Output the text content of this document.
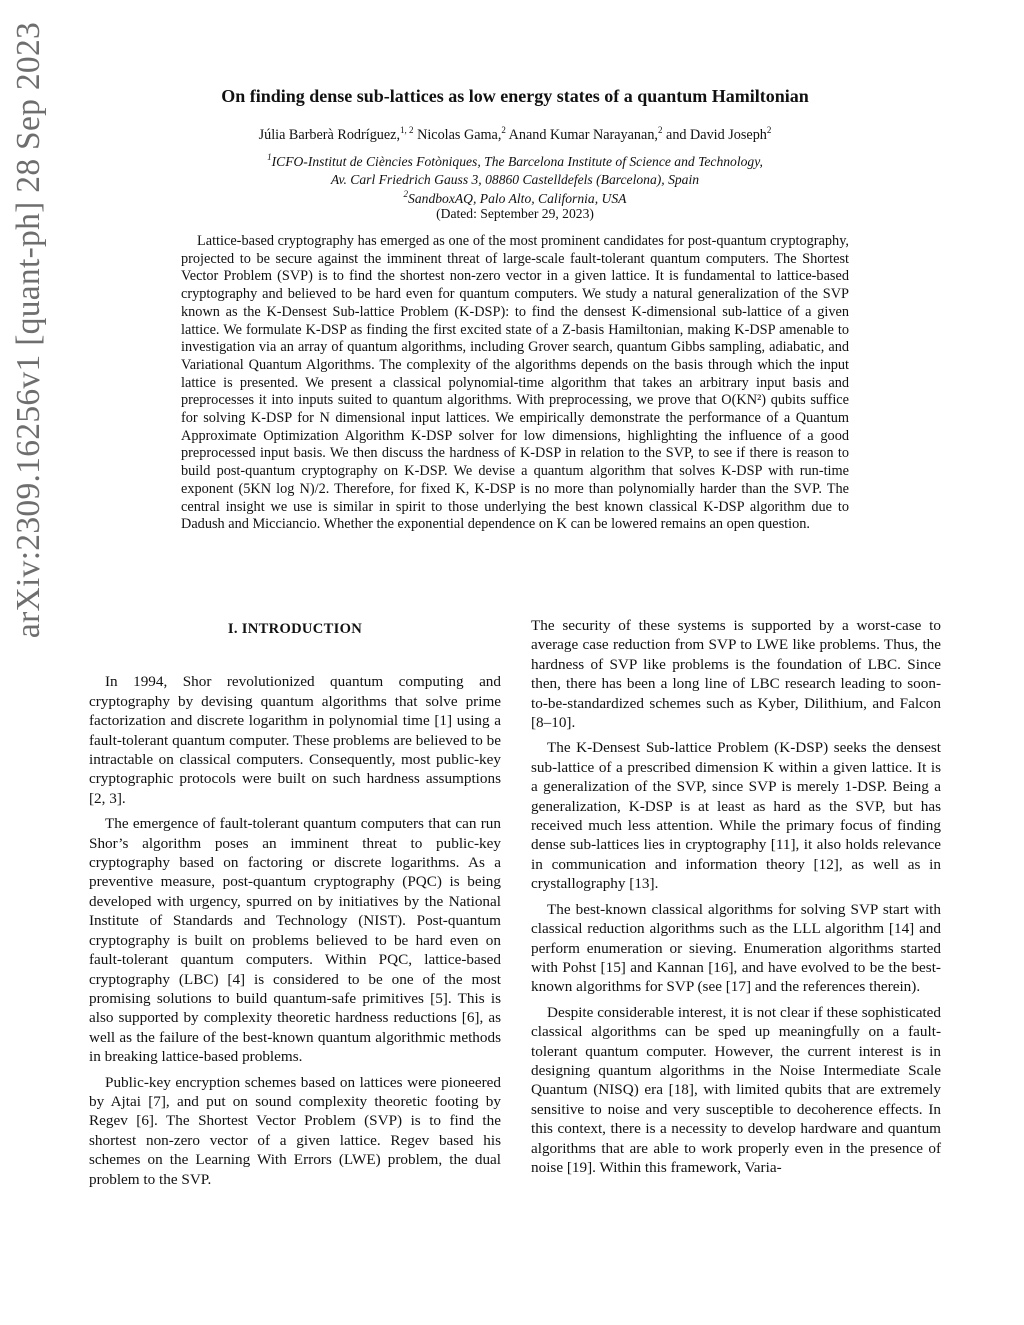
arXiv:2309.16256v1 [quant-ph] 28 Sep 2023	On finding dense sub-lattices as low energy states of a quantum Hamiltonian
Júlia Barberà Rodríguez,$^{1, 2}$ Nicolas Gama,$^2$ Anand Kumar Narayanan,$^2$ and David Joseph$^2$
$^1$ICFO-Institut de Ciències Fotòniques, The Barcelona Institute of Science and Technology,
Av. Carl Friedrich Gauss 3, 08860 Castelldefels (Barcelona), Spain
$^2$SandboxAQ, Palo Alto, California, USA
(Dated: September 29, 2023)

Lattice-based cryptography has emerged as one of the most prominent candidates for post-quantum cryptography, projected to be secure against the imminent threat of large-scale fault-tolerant quantum computers. The Shortest Vector Problem (SVP) is to find the shortest non-zero vector in a given lattice. It is fundamental to lattice-based cryptography and believed to be hard even for quantum computers. We study a natural generalization of the SVP known as the K-Densest Sub-lattice Problem (K-DSP): to find the densest K-dimensional sub-lattice of a given lattice. We formulate K-DSP as finding the first excited state of a Z-basis Hamiltonian, making K-DSP amenable to investigation via an array of quantum algorithms, including Grover search, quantum Gibbs sampling, adiabatic, and Variational Quantum Algorithms. The complexity of the algorithms depends on the basis through which the input lattice is presented. We present a classical polynomial-time algorithm that takes an arbitrary input basis and preprocesses it into inputs suited to quantum algorithms. With preprocessing, we prove that O(KN²) qubits suffice for solving K-DSP for N dimensional input lattices. We empirically demonstrate the performance of a Quantum Approximate Optimization Algorithm K-DSP solver for low dimensions, highlighting the influence of a good preprocessed input basis. We then discuss the hardness of K-DSP in relation to the SVP, to see if there is reason to build post-quantum cryptography on K-DSP. We devise a quantum algorithm that solves K-DSP with run-time exponent (5KN log N)/2. Therefore, for fixed K, K-DSP is no more than polynomially harder than the SVP. The central insight we use is similar in spirit to those underlying the best known classical K-DSP algorithm due to Dadush and Micciancio. Whether the exponential dependence on K can be lowered remains an open question.

I. INTRODUCTION

In 1994, Shor revolutionized quantum computing and cryptography by devising quantum algorithms that solve prime factorization and discrete logarithm in polynomial time [1] using a fault-tolerant quantum computer. These problems are believed to be intractable on classical computers. Consequently, most public-key cryptographic protocols were built on such hardness assumptions [2, 3].

The emergence of fault-tolerant quantum computers that can run Shor’s algorithm poses an imminent threat to public-key cryptography based on factoring or discrete logarithms. As a preventive measure, post-quantum cryptography (PQC) is being developed with urgency, spurred on by initiatives by the National Institute of Standards and Technology (NIST). Post-quantum cryptography is built on problems believed to be hard even on fault-tolerant quantum computers. Within PQC, lattice-based cryptography (LBC) [4] is considered to be one of the most promising solutions to build quantum-safe primitives [5]. This is also supported by complexity theoretic hardness reductions [6], as well as the failure of the best-known quantum algorithmic methods in breaking lattice-based problems.

Public-key encryption schemes based on lattices were pioneered by Ajtai [7], and put on sound complexity theoretic footing by Regev [6]. The Shortest Vector Problem (SVP) is to find the shortest non-zero vector of a given lattice. Regev based his schemes on the Learning With Errors (LWE) problem, the dual problem to the SVP.

The security of these systems is supported by a worst-case to average case reduction from SVP to LWE like problems. Thus, the hardness of SVP like problems is the foundation of LBC. Since then, there has been a long line of LBC research leading to soon-to-be-standardized schemes such as Kyber, Dilithium, and Falcon [8–10].

The K-Densest Sub-lattice Problem (K-DSP) seeks the densest sub-lattice of a prescribed dimension K within a given lattice. It is a generalization of the SVP, since SVP is merely 1-DSP. Being a generalization, K-DSP is at least as hard as the SVP, but has received much less attention. While the primary focus of finding dense sub-lattices lies in cryptography [11], it also holds relevance in communication and information theory [12], as well as in crystallography [13].

The best-known classical algorithms for solving SVP start with classical reduction algorithms such as the LLL algorithm [14] and perform enumeration or sieving. Enumeration algorithms started with Pohst [15] and Kannan [16], and have evolved to be the best-known algorithms for SVP (see [17] and the references therein).

Despite considerable interest, it is not clear if these sophisticated classical algorithms can be sped up meaningfully on a fault-tolerant quantum computer. However, the current interest is in designing quantum algorithms in the Noise Intermediate Scale Quantum (NISQ) era [18], with limited qubits that are extremely sensitive to noise and very susceptible to decoherence effects. In this context, there is a necessity to develop hardware and quantum algorithms that are able to work properly even in the presence of noise [19]. Within this framework, Varia-
